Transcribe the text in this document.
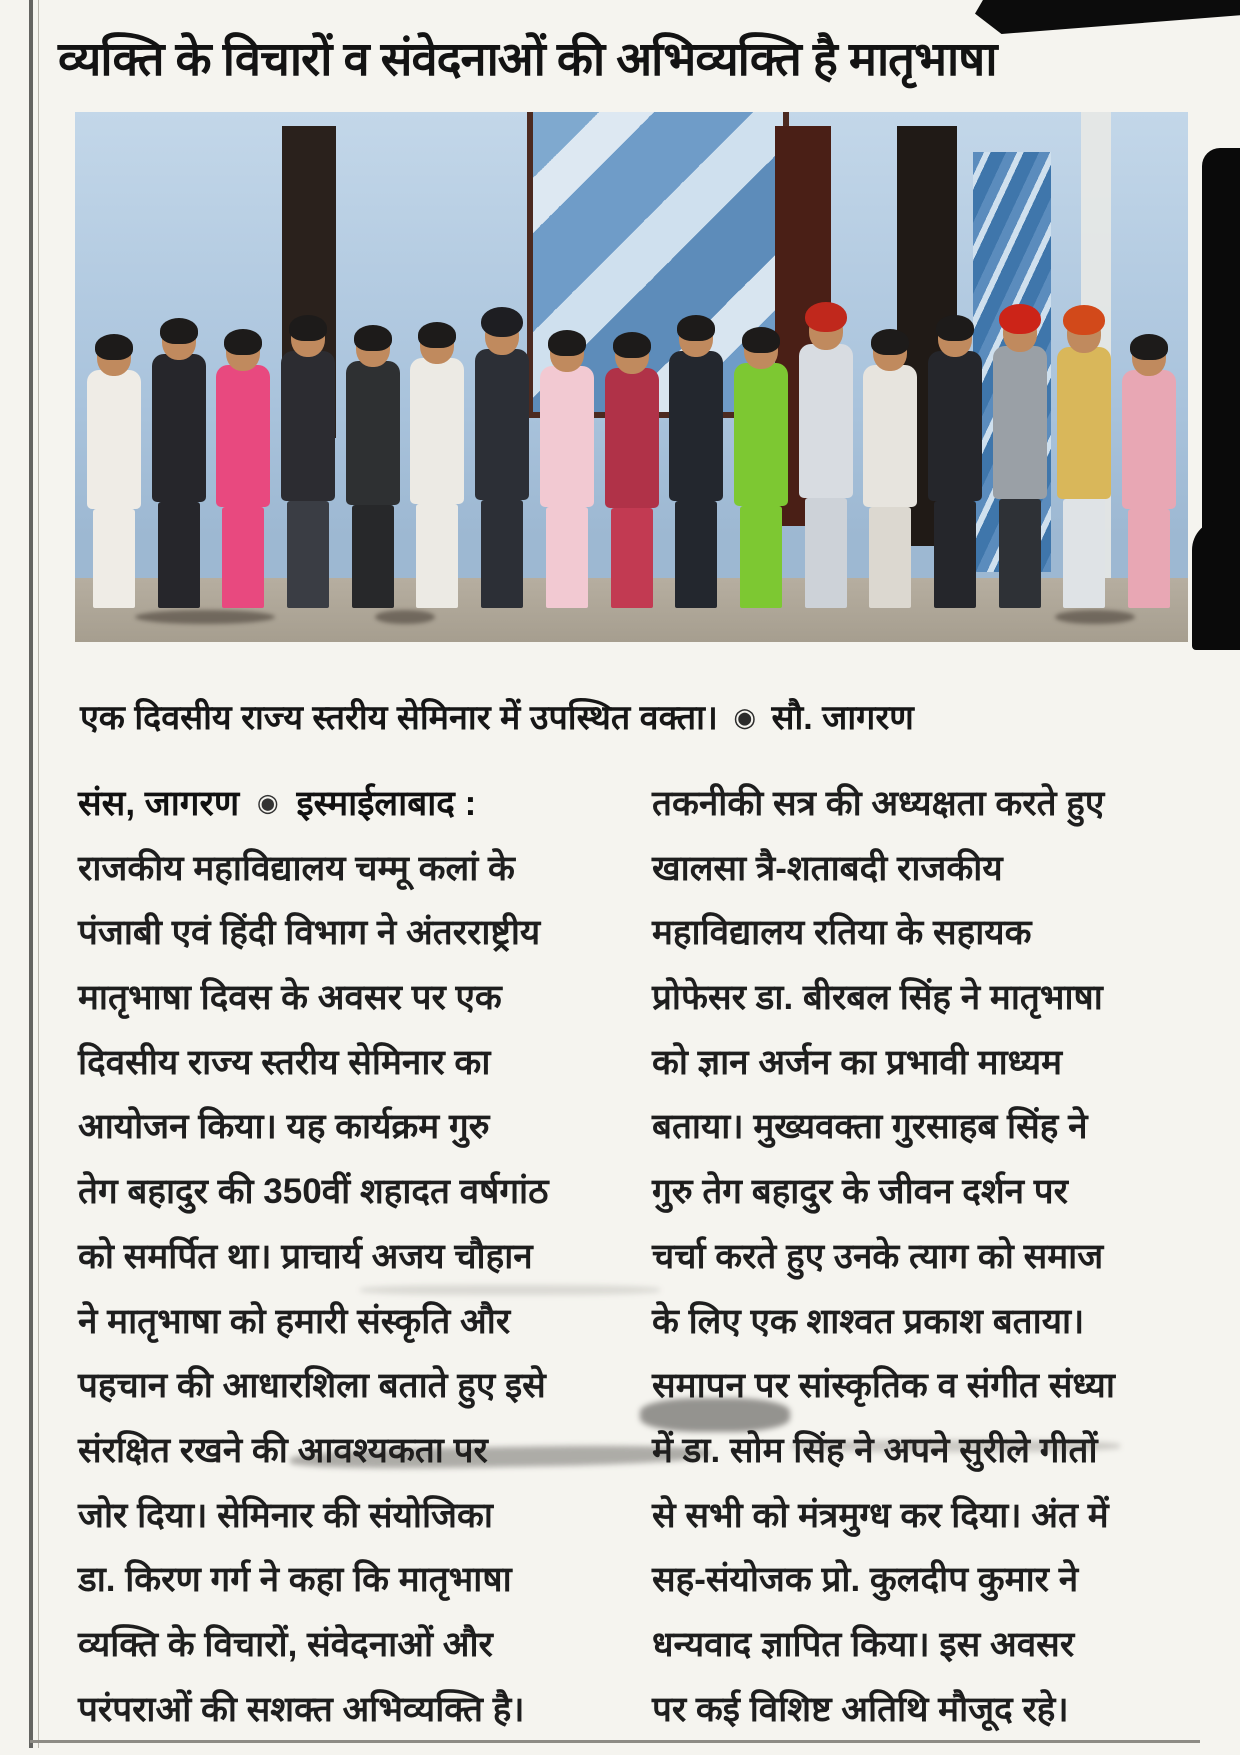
व्यक्ति के विचारों व संवेदनाओं की अभिव्यक्ति है मातृभाषा
एक दिवसीय राज्य स्तरीय सेमिनार में उपस्थित वक्ता। ◉ सौ. जागरण
संस, जागरण ◉ इस्माईलाबाद :
राजकीय महाविद्यालय चम्मू कलां के
पंजाबी एवं हिंदी विभाग ने अंतरराष्ट्रीय
मातृभाषा दिवस के अवसर पर एक
दिवसीय राज्य स्तरीय सेमिनार का
आयोजन किया। यह कार्यक्रम गुरु
तेग बहादुर की 350वीं शहादत वर्षगांठ
को समर्पित था। प्राचार्य अजय चौहान
ने मातृभाषा को हमारी संस्कृति और
पहचान की आधारशिला बताते हुए इसे
संरक्षित रखने की आवश्यकता पर
जोर दिया। सेमिनार की संयोजिका
डा. किरण गर्ग ने कहा कि मातृभाषा
व्यक्ति के विचारों, संवेदनाओं और
परंपराओं की सशक्त अभिव्यक्ति है।
तकनीकी सत्र की अध्यक्षता करते हुए
खालसा त्रै-शताबदी राजकीय
महाविद्यालय रतिया के सहायक
प्रोफेसर डा. बीरबल सिंह ने मातृभाषा
को ज्ञान अर्जन का प्रभावी माध्यम
बताया। मुख्यवक्ता गुरसाहब सिंह ने
गुरु तेग बहादुर के जीवन दर्शन पर
चर्चा करते हुए उनके त्याग को समाज
के लिए एक शाश्वत प्रकाश बताया।
समापन पर सांस्कृतिक व संगीत संध्या
में डा. सोम सिंह ने अपने सुरीले गीतों
से सभी को मंत्रमुग्ध कर दिया। अंत में
सह-संयोजक प्रो. कुलदीप कुमार ने
धन्यवाद ज्ञापित किया। इस अवसर
पर कई विशिष्ट अतिथि मौजूद रहे।
